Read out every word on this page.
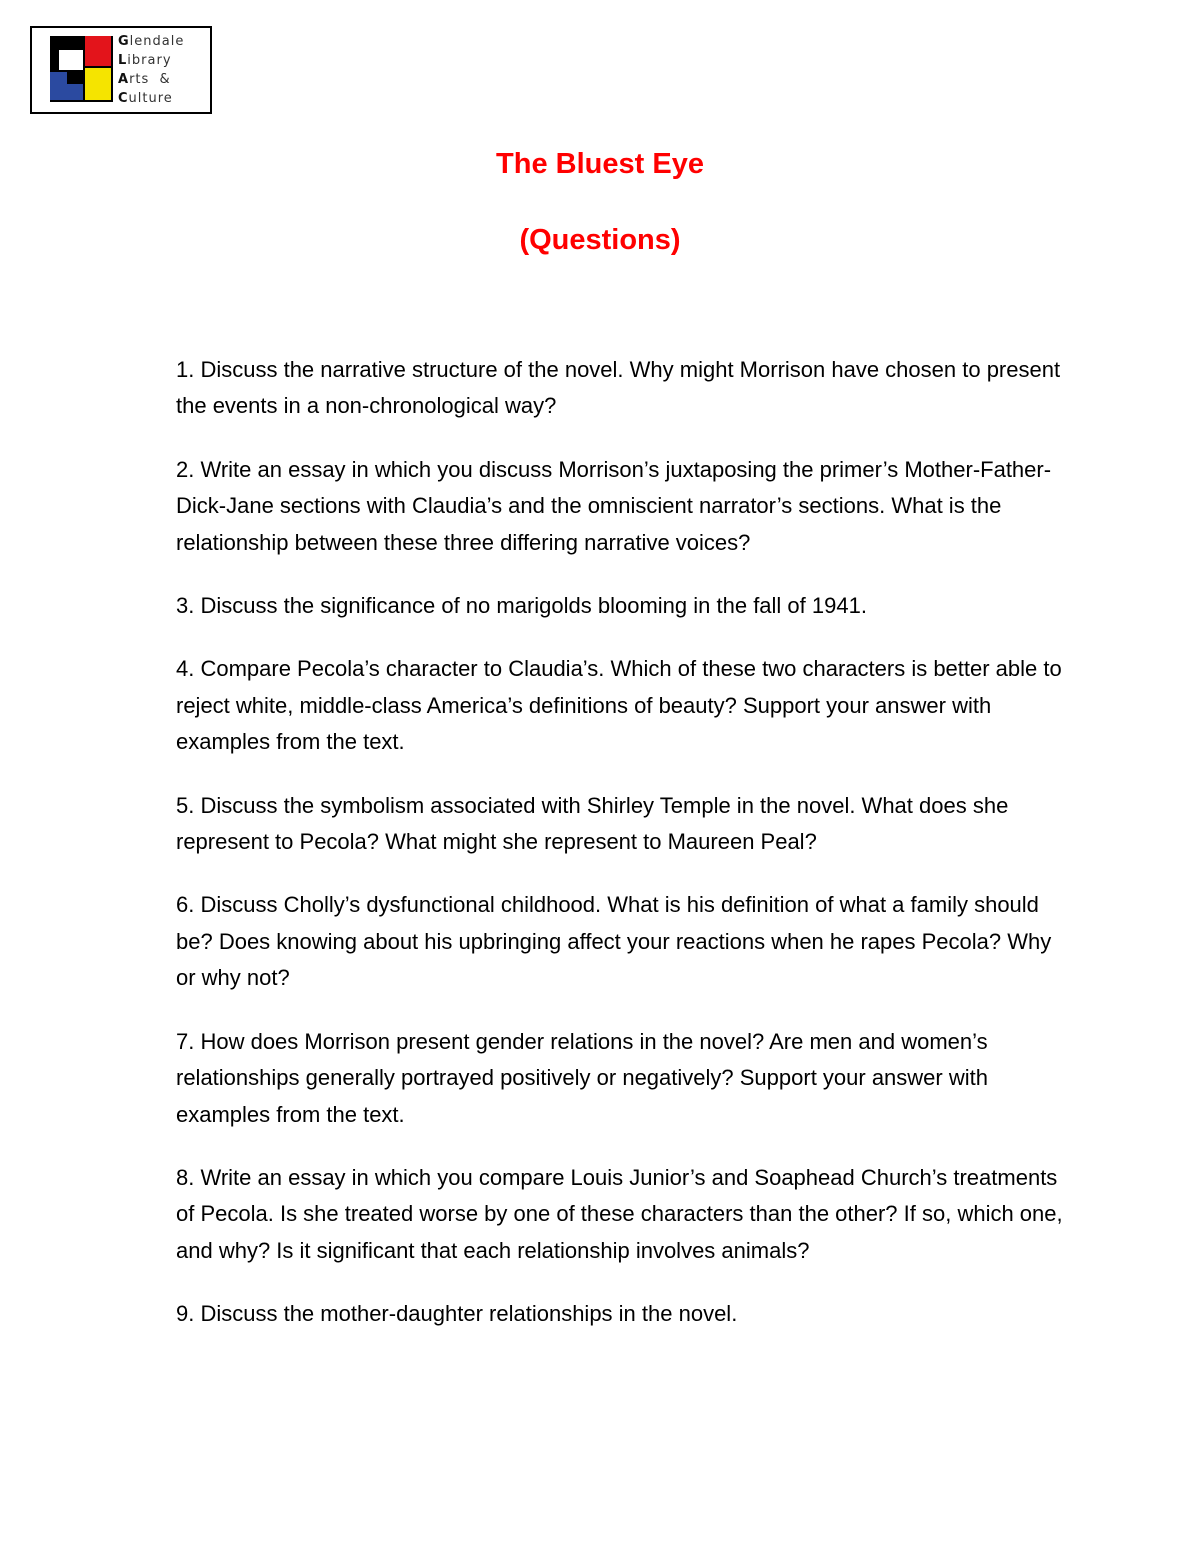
Glendale
Library
Arts  &
Culture
The Bluest Eye
(Questions)

1. Discuss the narrative structure of the novel. Why might Morrison have chosen to present the events in a non-chronological way?

2. Write an essay in which you discuss Morrison’s juxtaposing the primer’s Mother-Father-Dick-Jane sections with Claudia’s and the omniscient narrator’s sections. What is the relationship between these three differing narrative voices?

3. Discuss the significance of no marigolds blooming in the fall of 1941.

4. Compare Pecola’s character to Claudia’s. Which of these two characters is better able to reject white, middle-class America’s definitions of beauty? Support your answer with examples from the text.

5. Discuss the symbolism associated with Shirley Temple in the novel. What does she represent to Pecola? What might she represent to Maureen Peal?

6. Discuss Cholly’s dysfunctional childhood. What is his definition of what a family should be? Does knowing about his upbringing affect your reactions when he rapes Pecola? Why or why not?

7. How does Morrison present gender relations in the novel? Are men and women’s relationships generally portrayed positively or negatively? Support your answer with examples from the text.

8. Write an essay in which you compare Louis Junior’s and Soaphead Church’s treatments of Pecola. Is she treated worse by one of these characters than the other? If so, which one, and why? Is it significant that each relationship involves animals?

9. Discuss the mother-daughter relationships in the novel.
